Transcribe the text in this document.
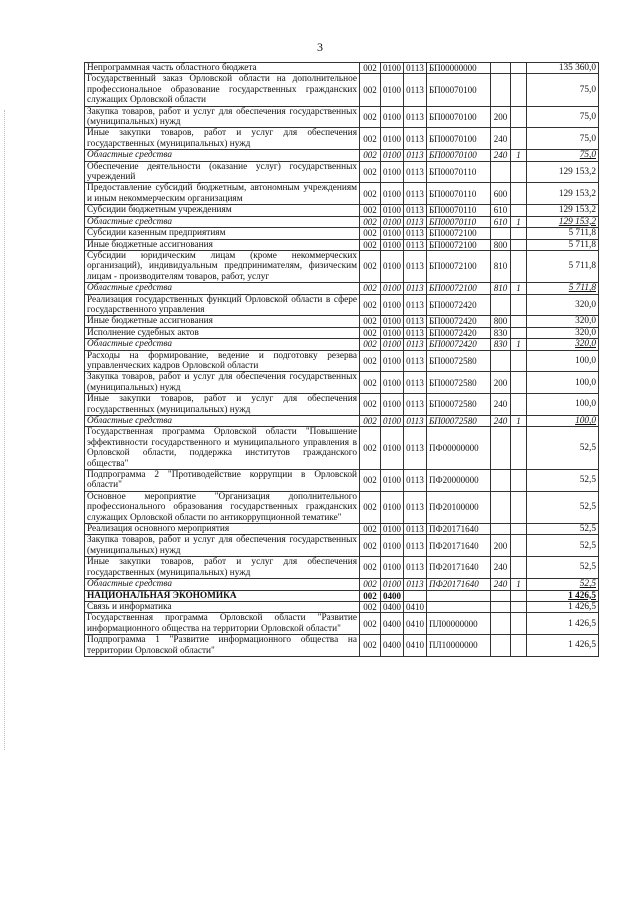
3
Непрограммная часть областного бюджета	002	0100	0113	БП00000000			135 360,0
Государственный заказ Орловской области на дополнительное профессиональное образование государственных гражданских служащих Орловской области	002	0100	0113	БП00070100			75,0
Закупка товаров, работ и услуг для обеспечения государственных (муниципальных) нужд	002	0100	0113	БП00070100	200		75,0
Иные закупки товаров, работ и услуг для обеспечения государственных (муниципальных) нужд	002	0100	0113	БП00070100	240		75,0
Областные средства	002	0100	0113	БП00070100	240	1	75,0
Обеспечение деятельности (оказание услуг) государственных учреждений	002	0100	0113	БП00070110			129 153,2
Предоставление субсидий бюджетным, автономным учреждениям и иным некоммерческим организациям	002	0100	0113	БП00070110	600		129 153,2
Субсидии бюджетным учреждениям	002	0100	0113	БП00070110	610		129 153,2
Областные средства	002	0100	0113	БП00070110	610	1	129 153,2
Субсидии казенным предприятиям	002	0100	0113	БП00072100			5 711,8
Иные бюджетные ассигнования	002	0100	0113	БП00072100	800		5 711,8
Субсидии юридическим лицам (кроме некоммерческих организаций), индивидуальным предпринимателям, физическим лицам - производителям товаров, работ, услуг	002	0100	0113	БП00072100	810		5 711,8
Областные средства	002	0100	0113	БП00072100	810	1	5 711,8
Реализация государственных функций Орловской области в сфере государственного управления	002	0100	0113	БП00072420			320,0
Иные бюджетные ассигнования	002	0100	0113	БП00072420	800		320,0
Исполнение судебных актов	002	0100	0113	БП00072420	830		320,0
Областные средства	002	0100	0113	БП00072420	830	1	320,0
Расходы на формирование, ведение и подготовку резерва управленческих кадров Орловской области	002	0100	0113	БП00072580			100,0
Закупка товаров, работ и услуг для обеспечения государственных (муниципальных) нужд	002	0100	0113	БП00072580	200		100,0
Иные закупки товаров, работ и услуг для обеспечения государственных (муниципальных) нужд	002	0100	0113	БП00072580	240		100,0
Областные средства	002	0100	0113	БП00072580	240	1	100,0
Государственная программа Орловской области "Повышение эффективности государственного и муниципального управления в Орловской области, поддержка институтов гражданского общества"	002	0100	0113	ПФ00000000			52,5
Подпрограмма 2 "Противодействие коррупции в Орловской области"	002	0100	0113	ПФ20000000			52,5
Основное мероприятие "Организация дополнительного профессионального образования государственных гражданских служащих Орловской области по антикоррупционной тематике"	002	0100	0113	ПФ20100000			52,5
Реализация основного мероприятия	002	0100	0113	ПФ20171640			52,5
Закупка товаров, работ и услуг для обеспечения государственных (муниципальных) нужд	002	0100	0113	ПФ20171640	200		52,5
Иные закупки товаров, работ и услуг для обеспечения государственных (муниципальных) нужд	002	0100	0113	ПФ20171640	240		52,5
Областные средства	002	0100	0113	ПФ20171640	240	1	52,5
НАЦИОНАЛЬНАЯ ЭКОНОМИКА	002	0400					1 426,5
Связь и информатика	002	0400	0410				1 426,5
Государственная программа Орловской области "Развитие информационного общества на территории Орловской области"	002	0400	0410	ПЛ00000000			1 426,5
Подпрограмма 1 "Развитие информационного общества на территории Орловской области"	002	0400	0410	ПЛ10000000			1 426,5
